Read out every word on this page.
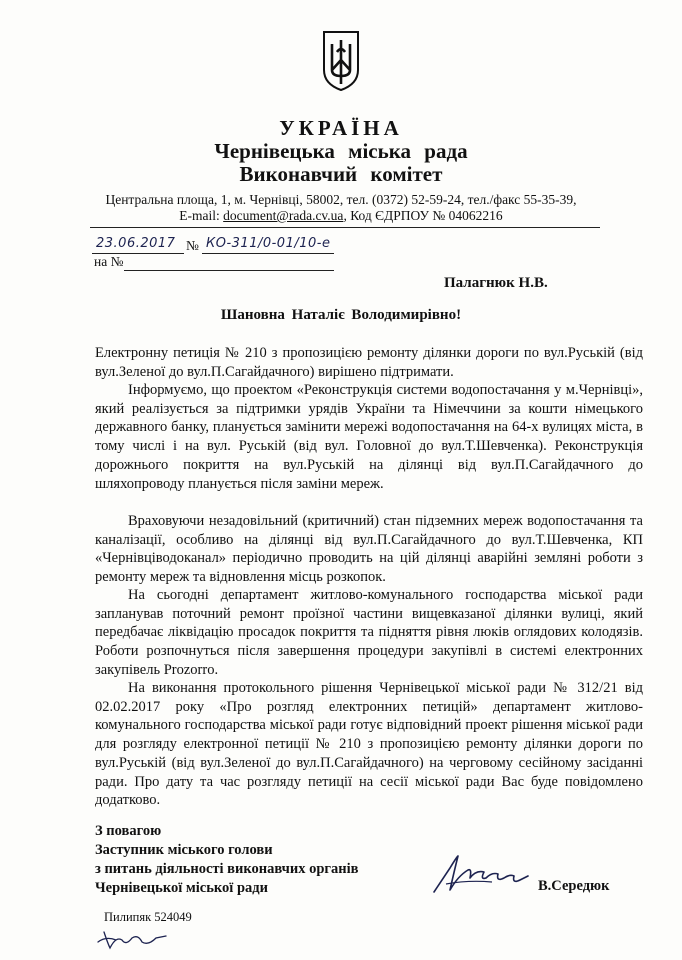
УКРАЇНА
Чернівецька міська рада
Виконавчий комітет
Центральна площа, 1, м. Чернівці, 58002, тел. (0372) 52-59-24, тел./факс 55-35-39,
E-mail: document@rada.cv.ua, Код ЄДРПОУ № 04062216
23.06.2017 № КО-311/0-01/10-е
на №
Палагнюк Н.В.
Шановна Наталіє Володимирівно!

Електронну петиція № 210 з пропозицією ремонту ділянки дороги по вул.Руській (від вул.Зеленої до вул.П.Сагайдачного) вирішено підтримати.

Інформуємо, що проектом «Реконструкція системи водопостачання у м.Чернівці», який реалізується за підтримки урядів України та Німеччини за кошти німецького державного банку, планується замінити мережі водопостачання на 64-х вулицях міста, в тому числі і на вул. Руській (від вул. Головної до вул.Т.Шевченка). Реконструкція дорожнього покриття на вул.Руській на ділянці від вул.П.Сагайдачного до шляхопроводу планується після заміни мереж.

Враховуючи незадовільний (критичний) стан підземних мереж водопостачання та каналізації, особливо на ділянці від вул.П.Сагайдачного до вул.Т.Шевченка, КП «Чернівціводоканал» періодично проводить на цій ділянці аварійні земляні роботи з ремонту мереж та відновлення місць розкопок.

На сьогодні департамент житлово-комунального господарства міської ради запланував поточний ремонт проїзної частини вищевказаної ділянки вулиці, який передбачає ліквідацію просадок покриття та підняття рівня люків оглядових колодязів. Роботи розпочнуться після завершення процедури закупівлі в системі електронних закупівель Prozorro.

На виконання протокольного рішення Чернівецької міської ради № 312/21 від 02.02.2017 року «Про розгляд електронних петицій» департамент житлово-комунального господарства міської ради готує відповідний проект рішення міської ради для розгляду електронної петиції № 210 з пропозицією ремонту ділянки дороги по вул.Руській (від вул.Зеленої до вул.П.Сагайдачного) на черговому сесійному засіданні ради. Про дату та час розгляду петиції на сесії міської ради Вас буде повідомлено додатково.

З повагою
Заступник міського голови
з питань діяльності виконавчих органів
Чернівецької міської ради	В.Середюк
Пилипяк 524049
